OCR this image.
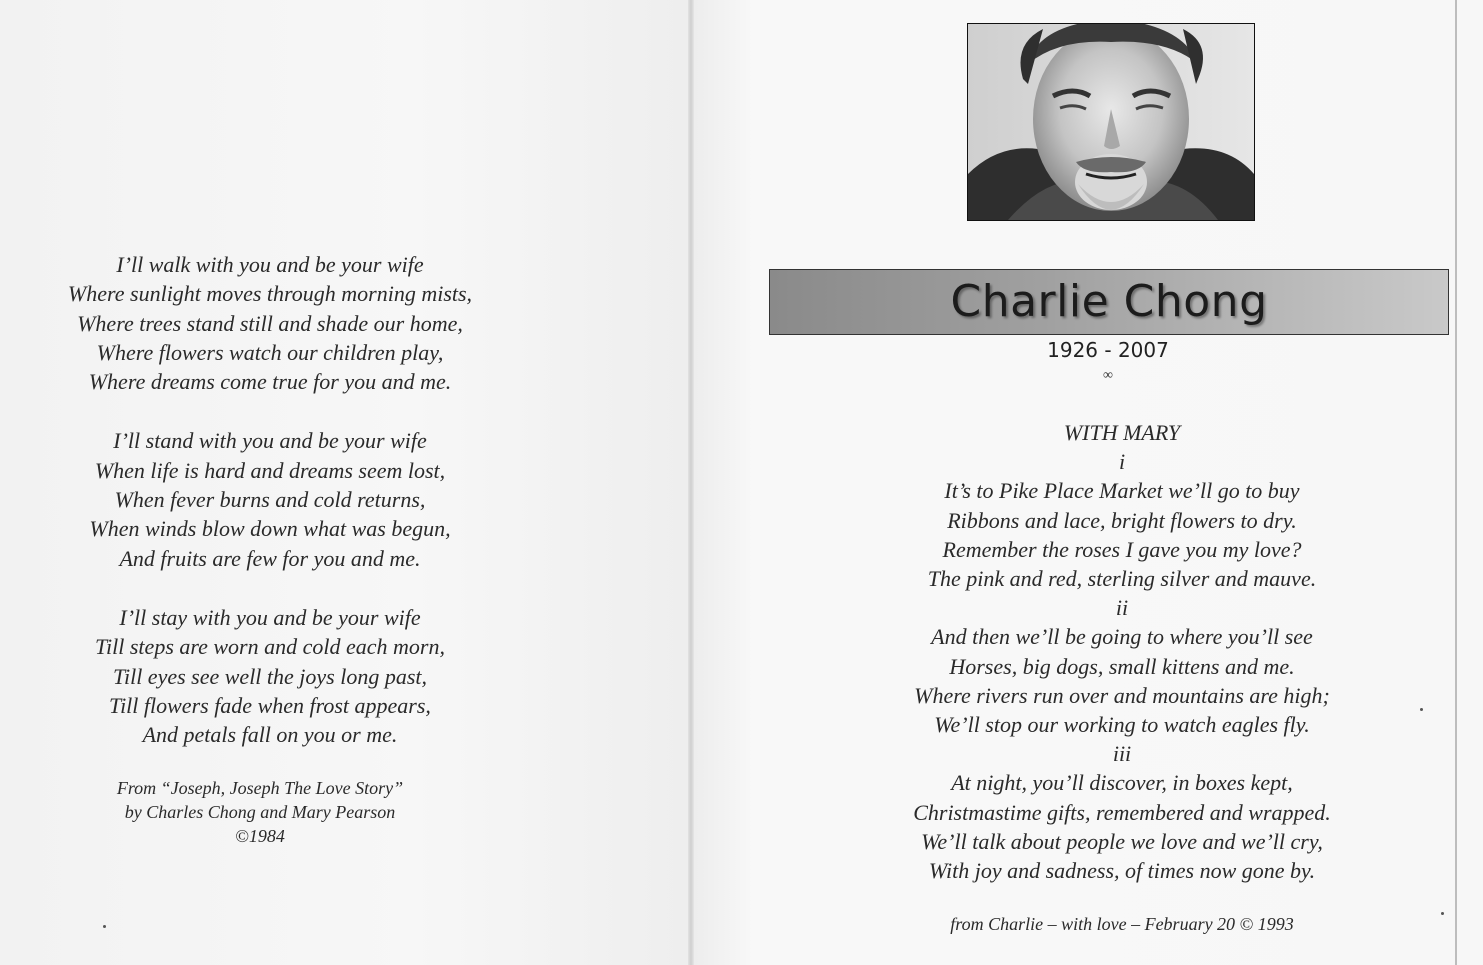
I’ll walk with you and be your wife
Where sunlight moves through morning mists,
Where trees stand still and shade our home,
Where flowers watch our children play,
Where dreams come true for you and me.
I’ll stand with you and be your wife
When life is hard and dreams seem lost,
When fever burns and cold returns,
When winds blow down what was begun,
And fruits are few for you and me.
I’ll stay with you and be your wife
Till steps are worn and cold each morn,
Till eyes see well the joys long past,
Till flowers fade when frost appears,
And petals fall on you or me.
From “Joseph, Joseph The Love Story”
by Charles Chong and Mary Pearson
©1984
Charlie Chong
1926 - 2007
∞
WITH MARY
i
It’s to Pike Place Market we’ll go to buy
Ribbons and lace, bright flowers to dry.
Remember the roses I gave you my love?
The pink and red, sterling silver and mauve.
ii
And then we’ll be going to where you’ll see
Horses, big dogs, small kittens and me.
Where rivers run over and mountains are high;
We’ll stop our working to watch eagles fly.
iii
At night, you’ll discover, in boxes kept,
Christmastime gifts, remembered and wrapped.
We’ll talk about people we love and we’ll cry,
With joy and sadness, of times now gone by.
from Charlie – with love – February 20 © 1993
